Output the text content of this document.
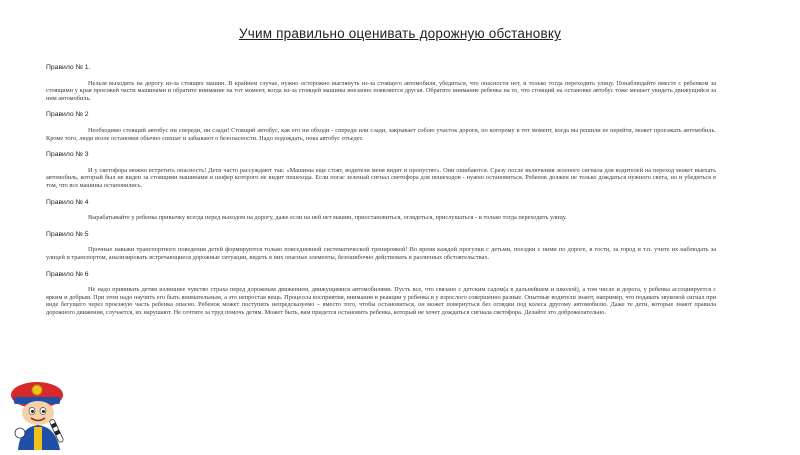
Учим правильно оценивать дорожную обстановку
Правило № 1.
Нельзя выходить на дорогу из-за стоящих машин. В крайнем случае, нужно осторожно выглянуть из-за стоящего автомобиля, убедиться, что опасности нет, и только тогда переходить улицу. Понаблюдайте вместе с ребенком за стоящими у края проезжей части машинами и обратите внимание на тот момент, когда из-за стоящей машины внезапно появляется другая. Обратите внимание ребенка на то, что стоящий на остановке автобус тоже мешает увидеть движущийся за ним автомобиль.
Правило № 2
Необходимо стоящий автобус ни спереди, ни сзади! Стоящий автобус, как его ни обходи - спереди или сзади, закрывает собою участок дороги, по которому в тот момент, когда вы решили ее перейти, может проезжать автомобиль. Кроме того, люди возле остановки обычно спешат и забывают о безопасности. Надо подождать, пока автобус отъедет.
Правило № 3
И у светофора можно встретить опасность! Дети часто рассуждают так: «Машины еще стоят, водители меня видят и пропустят». Они ошибаются. Сразу после включения зеленого сигнала для водителей на переход может выехать автомобиль, который был не виден за стоящими машинами и шофер которого не видит пешехода. Если погас зеленый сигнал светофора для пешеходов - нужно остановиться. Ребенок должен не только дождаться нужного света, но и убедиться в том, что все машины остановились.
Правило № 4
Вырабатывайте у ребенка привычку всегда перед выходом на дорогу, даже если на ней нет машин, приостановиться, оглядеться, прислушаться - и только тогда переходить улицу.
Правило № 5
Прочные навыки транспортного поведения детей формируются только повседневной систематической тренировкой! Во время каждой прогулки с детьми, поездки с ними по дороге, в гости, за город и т.п. учите их наблюдать за улицей и транспортом, анализировать встречающиеся дорожные ситуации, видеть в них опасные элементы, безошибочно действовать в различных обстоятельствах.
Правило № 6
Не надо прививать детям излишнее чувство страха перед дорожным движением, движущимися автомобилями. Пусть все, что связано с детским садом(а в дальнейшем и школой), а том числе и дорога, у ребенка ассоциируется с ярким и добрым. При этом надо научить его быть внимательным, а это непростая вещь. Процессы восприятия, внимания и реакции у ребенка и у взрослого совершенно разные. Опытные водители знают, например, что подавать звуковой сигнал при виде бегущего через проезжую часть ребенка опасно. Ребенок может поступить непредсказуемо – вместо того, чтобы остановиться, он может повернуться без оглядки под колеса другому автомобилю. Даже те дети, которые знают правила дорожного движения, случается, их нарушают. Не сочтите за труд помочь детям. Может быть, вам придется остановить ребенка, который не хочет дождаться сигнала светофора. Делайте это доброжелательно.
